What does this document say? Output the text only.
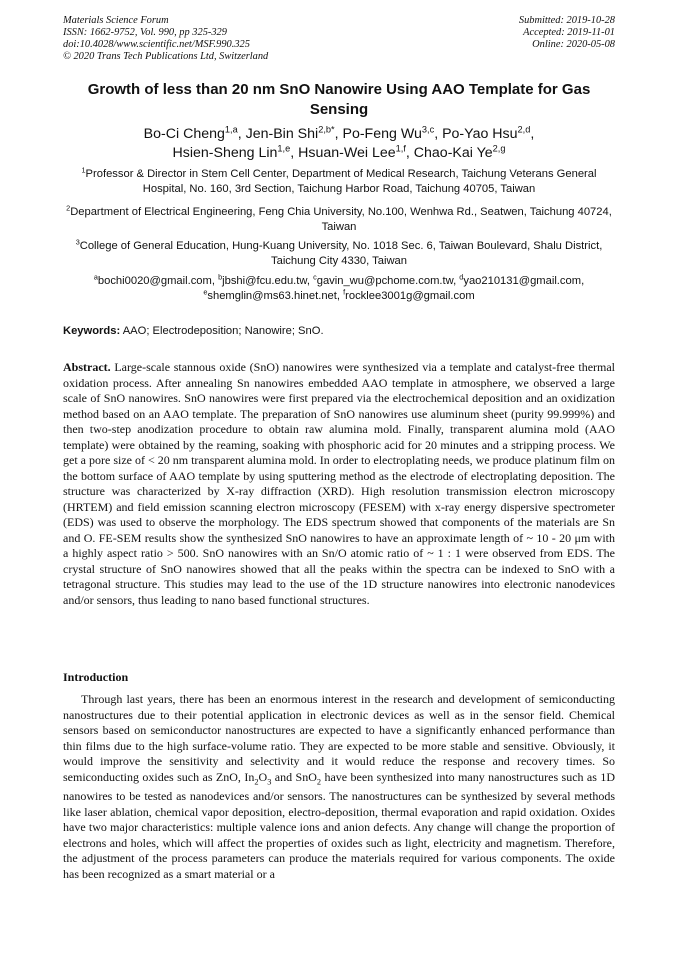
Materials Science Forum
ISSN: 1662-9752, Vol. 990, pp 325-329
doi:10.4028/www.scientific.net/MSF.990.325
© 2020 Trans Tech Publications Ltd, Switzerland
Submitted: 2019-10-28
Accepted: 2019-11-01
Online: 2020-05-08
Growth of less than 20 nm SnO Nanowire Using AAO Template for Gas Sensing
Bo-Ci Cheng$^{1,a}$, Jen-Bin Shi$^{2,b*}$, Po-Feng Wu$^{3,c}$, Po-Yao Hsu$^{2,d}$,
Hsien-Sheng Lin$^{1,e}$, Hsuan-Wei Lee$^{1,f}$, Chao-Kai Ye$^{2,g}$
$^1$Professor & Director in Stem Cell Center, Department of Medical Research, Taichung Veterans General Hospital, No. 160, 3rd Section, Taichung Harbor Road, Taichung 40705, Taiwan
$^2$Department of Electrical Engineering, Feng Chia University, No.100, Wenhwa Rd., Seatwen, Taichung 40724, Taiwan
$^3$College of General Education, Hung-Kuang University, No. 1018 Sec. 6, Taiwan Boulevard, Shalu District, Taichung City 4330, Taiwan
$^a$bochi0020@gmail.com, $^b$jbshi@fcu.edu.tw, $^c$gavin_wu@pchome.com.tw, $^d$yao210131@gmail.com,
$^e$shemglin@ms63.hinet.net, $^f$rocklee3001g@gmail.com
Keywords: AAO; Electrodeposition; Nanowire; SnO.
Abstract. Large-scale stannous oxide (SnO) nanowires were synthesized via a template and catalyst-free thermal oxidation process. After annealing Sn nanowires embedded AAO template in atmosphere, we observed a large scale of SnO nanowires. SnO nanowires were first prepared via the electrochemical deposition and an oxidization method based on an AAO template. The preparation of SnO nanowires use aluminum sheet (purity 99.999%) and then two-step anodization procedure to obtain raw alumina mold. Finally, transparent alumina mold (AAO template) were obtained by the reaming, soaking with phosphoric acid for 20 minutes and a stripping process. We get a pore size of < 20 nm transparent alumina mold. In order to electroplating needs, we produce platinum film on the bottom surface of AAO template by using sputtering method as the electrode of electroplating deposition. The structure was characterized by X-ray diffraction (XRD). High resolution transmission electron microscopy (HRTEM) and field emission scanning electron microscopy (FESEM) with x-ray energy dispersive spectrometer (EDS) was used to observe the morphology. The EDS spectrum showed that components of the materials are Sn and O. FE-SEM results show the synthesized SnO nanowires to have an approximate length of ~ 10 - 20 μm with a highly aspect ratio > 500. SnO nanowires with an Sn/O atomic ratio of ~ 1 : 1 were observed from EDS. The crystal structure of SnO nanowires showed that all the peaks within the spectra can be indexed to SnO with a tetragonal structure. This studies may lead to the use of the 1D structure nanowires into electronic nanodevices and/or sensors, thus leading to nano based functional structures.
Introduction
Through last years, there has been an enormous interest in the research and development of semiconducting nanostructures due to their potential application in electronic devices as well as in the sensor field. Chemical sensors based on semiconductor nanostructures are expected to have a significantly enhanced performance than thin films due to the high surface-volume ratio. They are expected to be more stable and sensitive. Obviously, it would improve the sensitivity and selectivity and it would reduce the response and recovery times. So semiconducting oxides such as ZnO, $In_2O_3$ and SnO$_2$ have been synthesized into many nanostructures such as 1D nanowires to be tested as nanodevices and/or sensors. The nanostructures can be synthesized by several methods like laser ablation, chemical vapor deposition, electro-deposition, thermal evaporation and rapid oxidation. Oxides have two major characteristics: multiple valence ions and anion defects. Any change will change the proportion of electrons and holes, which will affect the properties of oxides such as light, electricity and magnetism. Therefore, the adjustment of the process parameters can produce the materials required for various components. The oxide has been recognized as a smart material or a
